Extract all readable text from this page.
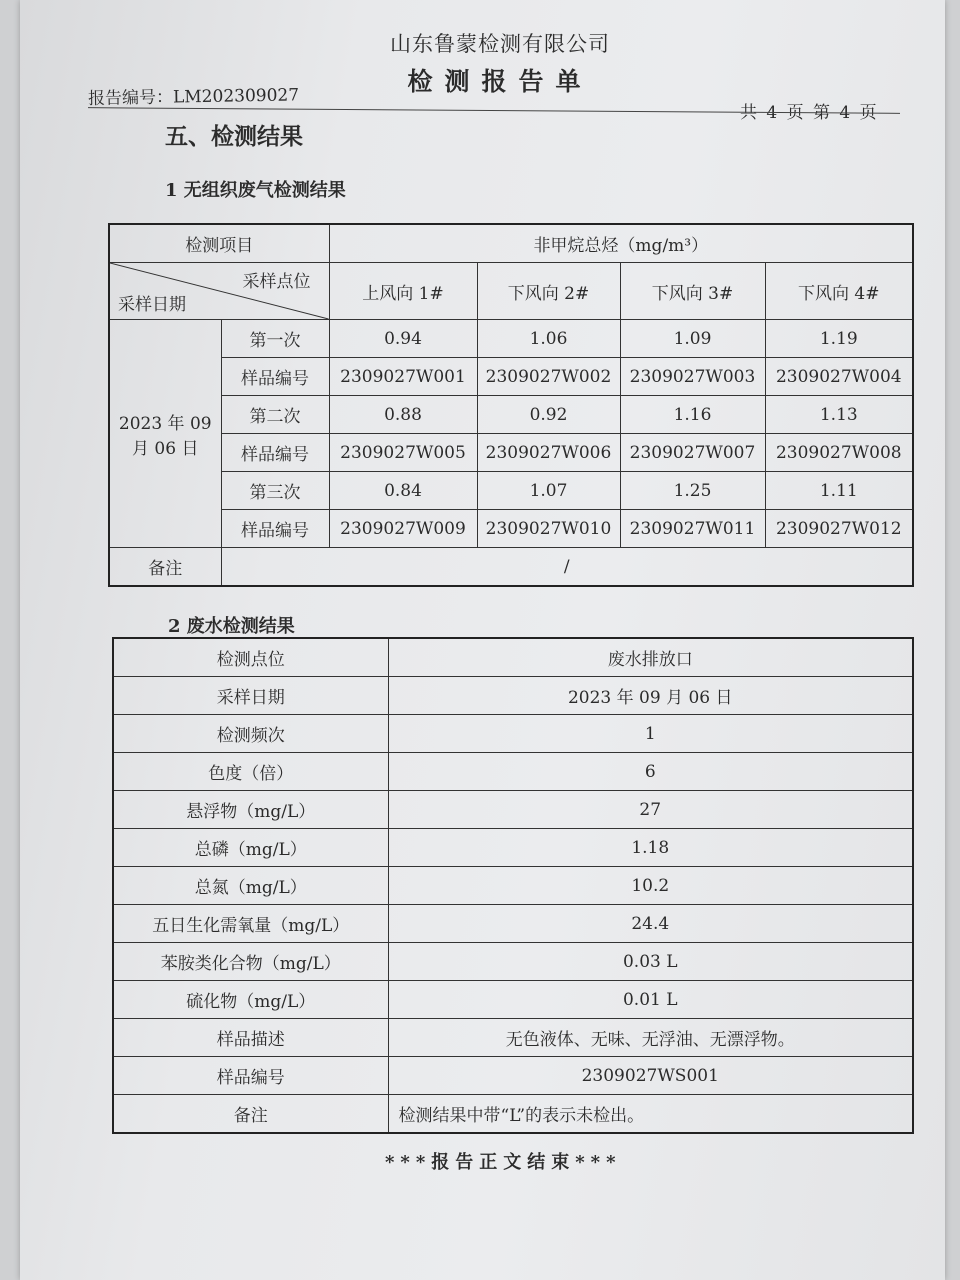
山东鲁蒙检测有限公司
检测报告单
报告编号：LM202309027
共 4 页 第 4 页
五、检测结果
1 无组织废气检测结果
检测项目		非甲烷总烃（mg/m³）			

采样点位
采样日期		上风向 1#	下风向 2#	下风向 3#	下风向 4#
2023 年 09 月 06 日	第一次	0.94	1.06	1.09	1.19
	样品编号	2309027W001	2309027W002	2309027W003	2309027W004
	第二次	0.88	0.92	1.16	1.13
	样品编号	2309027W005	2309027W006	2309027W007	2309027W008
	第三次	0.84	1.07	1.25	1.11
	样品编号	2309027W009	2309027W010	2309027W011	2309027W012
备注	/				
2 废水检测结果
检测点位	废水排放口
采样日期	2023 年 09 月 06 日
检测频次	1
色度（倍）	6
悬浮物（mg/L）	27
总磷（mg/L）	1.18
总氮（mg/L）	10.2
五日生化需氧量（mg/L）	24.4
苯胺类化合物（mg/L）	0.03 L
硫化物（mg/L）	0.01 L
样品描述	无色液体、无味、无浮油、无漂浮物。
样品编号	2309027WS001
备注	检测结果中带“L”的表示未检出。
***报告正文结束***
